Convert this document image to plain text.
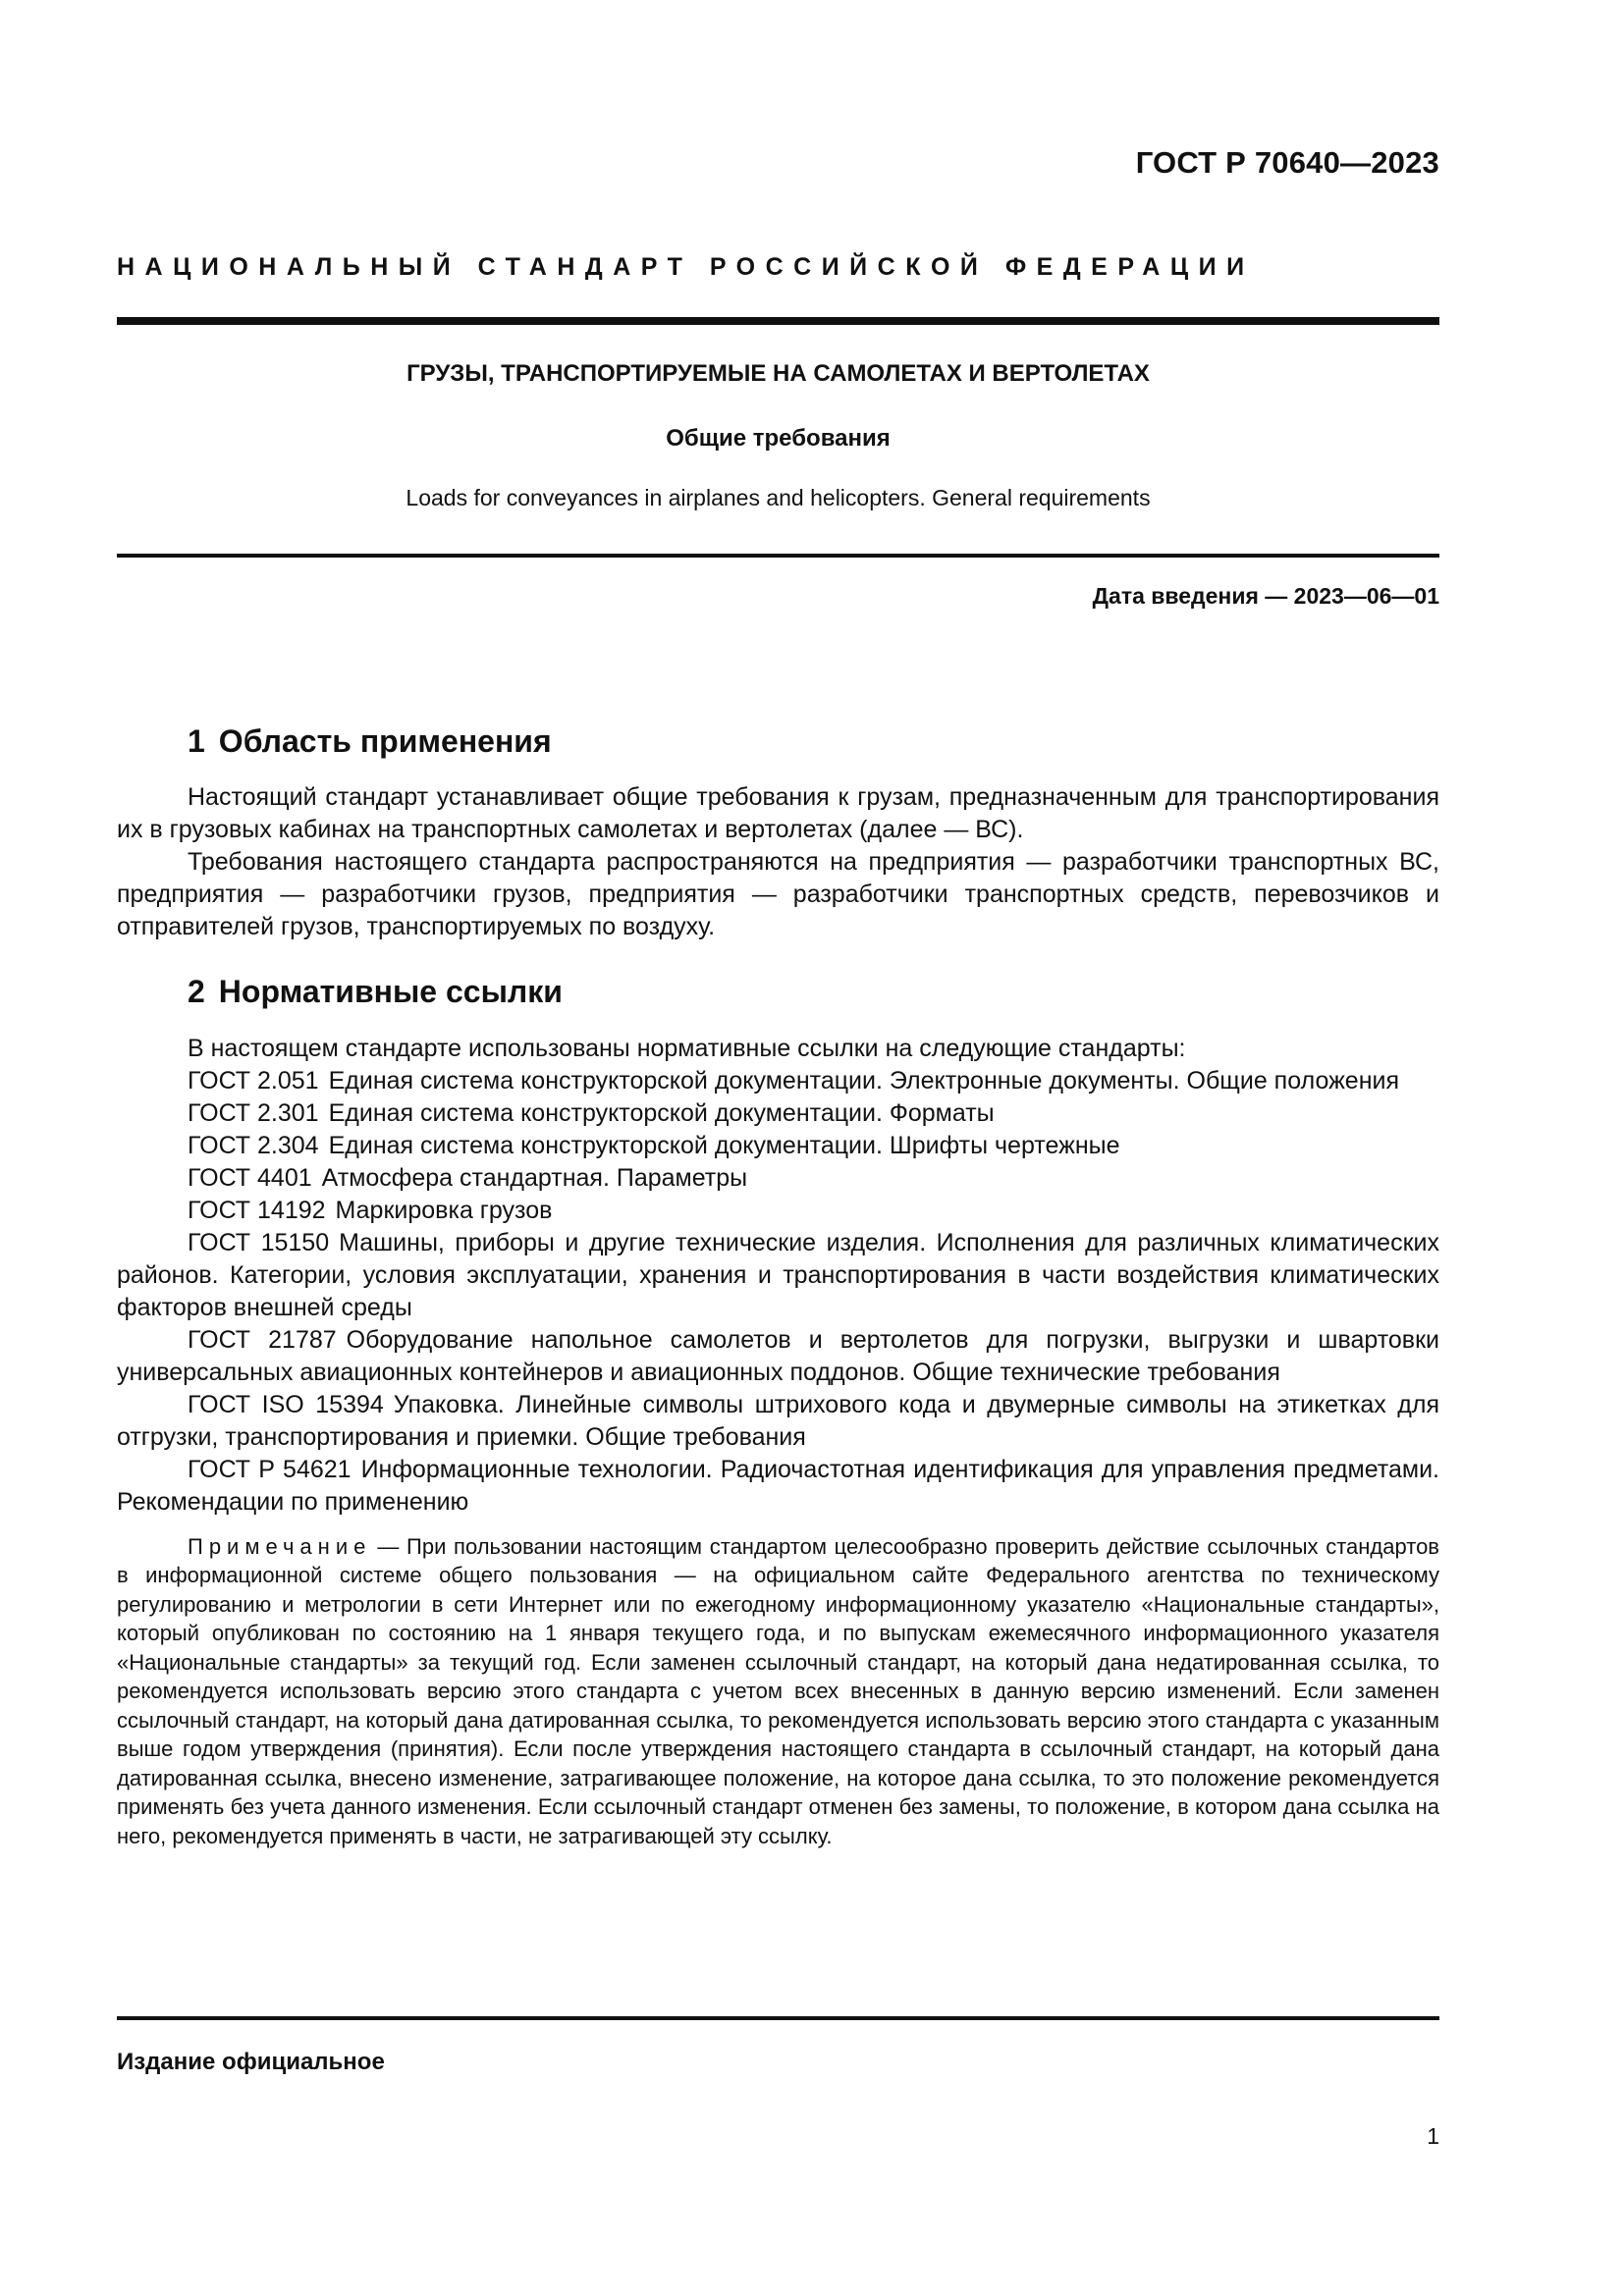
ГОСТ Р 70640—2023
НАЦИОНАЛЬНЫЙ СТАНДАРТ РОССИЙСКОЙ ФЕДЕРАЦИИ
ГРУЗЫ, ТРАНСПОРТИРУЕМЫЕ НА САМОЛЕТАХ И ВЕРТОЛЕТАХ
Общие требования
Loads for conveyances in airplanes and helicopters. General requirements
Дата введения — 2023—06—01
1 Область применения

Настоящий стандарт устанавливает общие требования к грузам, предназначенным для транспортирования их в грузовых кабинах на транспортных самолетах и вертолетах (далее — ВС).

Требования настоящего стандарта распространяются на предприятия — разработчики транспортных ВС, предприятия — разработчики грузов, предприятия — разработчики транспортных средств, перевозчиков и отправителей грузов, транспортируемых по воздуху.

2 Нормативные ссылки

В настоящем стандарте использованы нормативные ссылки на следующие стандарты:

ГОСТ 2.051 Единая система конструкторской документации. Электронные документы. Общие положения

ГОСТ 2.301 Единая система конструкторской документации. Форматы

ГОСТ 2.304 Единая система конструкторской документации. Шрифты чертежные

ГОСТ 4401 Атмосфера стандартная. Параметры

ГОСТ 14192 Маркировка грузов

ГОСТ 15150 Машины, приборы и другие технические изделия. Исполнения для различных климатических районов. Категории, условия эксплуатации, хранения и транспортирования в части воздействия климатических факторов внешней среды

ГОСТ 21787 Оборудование напольное самолетов и вертолетов для погрузки, выгрузки и швартовки универсальных авиационных контейнеров и авиационных поддонов. Общие технические требования

ГОСТ ISO 15394 Упаковка. Линейные символы штрихового кода и двумерные символы на этикетках для отгрузки, транспортирования и приемки. Общие требования

ГОСТ Р 54621 Информационные технологии. Радиочастотная идентификация для управления предметами. Рекомендации по применению

Примечание — При пользовании настоящим стандартом целесообразно проверить действие ссылочных стандартов в информационной системе общего пользования — на официальном сайте Федерального агентства по техническому регулированию и метрологии в сети Интернет или по ежегодному информационному указателю «Национальные стандарты», который опубликован по состоянию на 1 января текущего года, и по выпускам ежемесячного информационного указателя «Национальные стандарты» за текущий год. Если заменен ссылочный стандарт, на который дана недатированная ссылка, то рекомендуется использовать версию этого стандарта с учетом всех внесенных в данную версию изменений. Если заменен ссылочный стандарт, на который дана датированная ссылка, то рекомендуется использовать версию этого стандарта с указанным выше годом утверждения (принятия). Если после утверждения настоящего стандарта в ссылочный стандарт, на который дана датированная ссылка, внесено изменение, затрагивающее положение, на которое дана ссылка, то это положение рекомендуется применять без учета данного изменения. Если ссылочный стандарт отменен без замены, то положение, в котором дана ссылка на него, рекомендуется применять в части, не затрагивающей эту ссылку.
Издание официальное
1
